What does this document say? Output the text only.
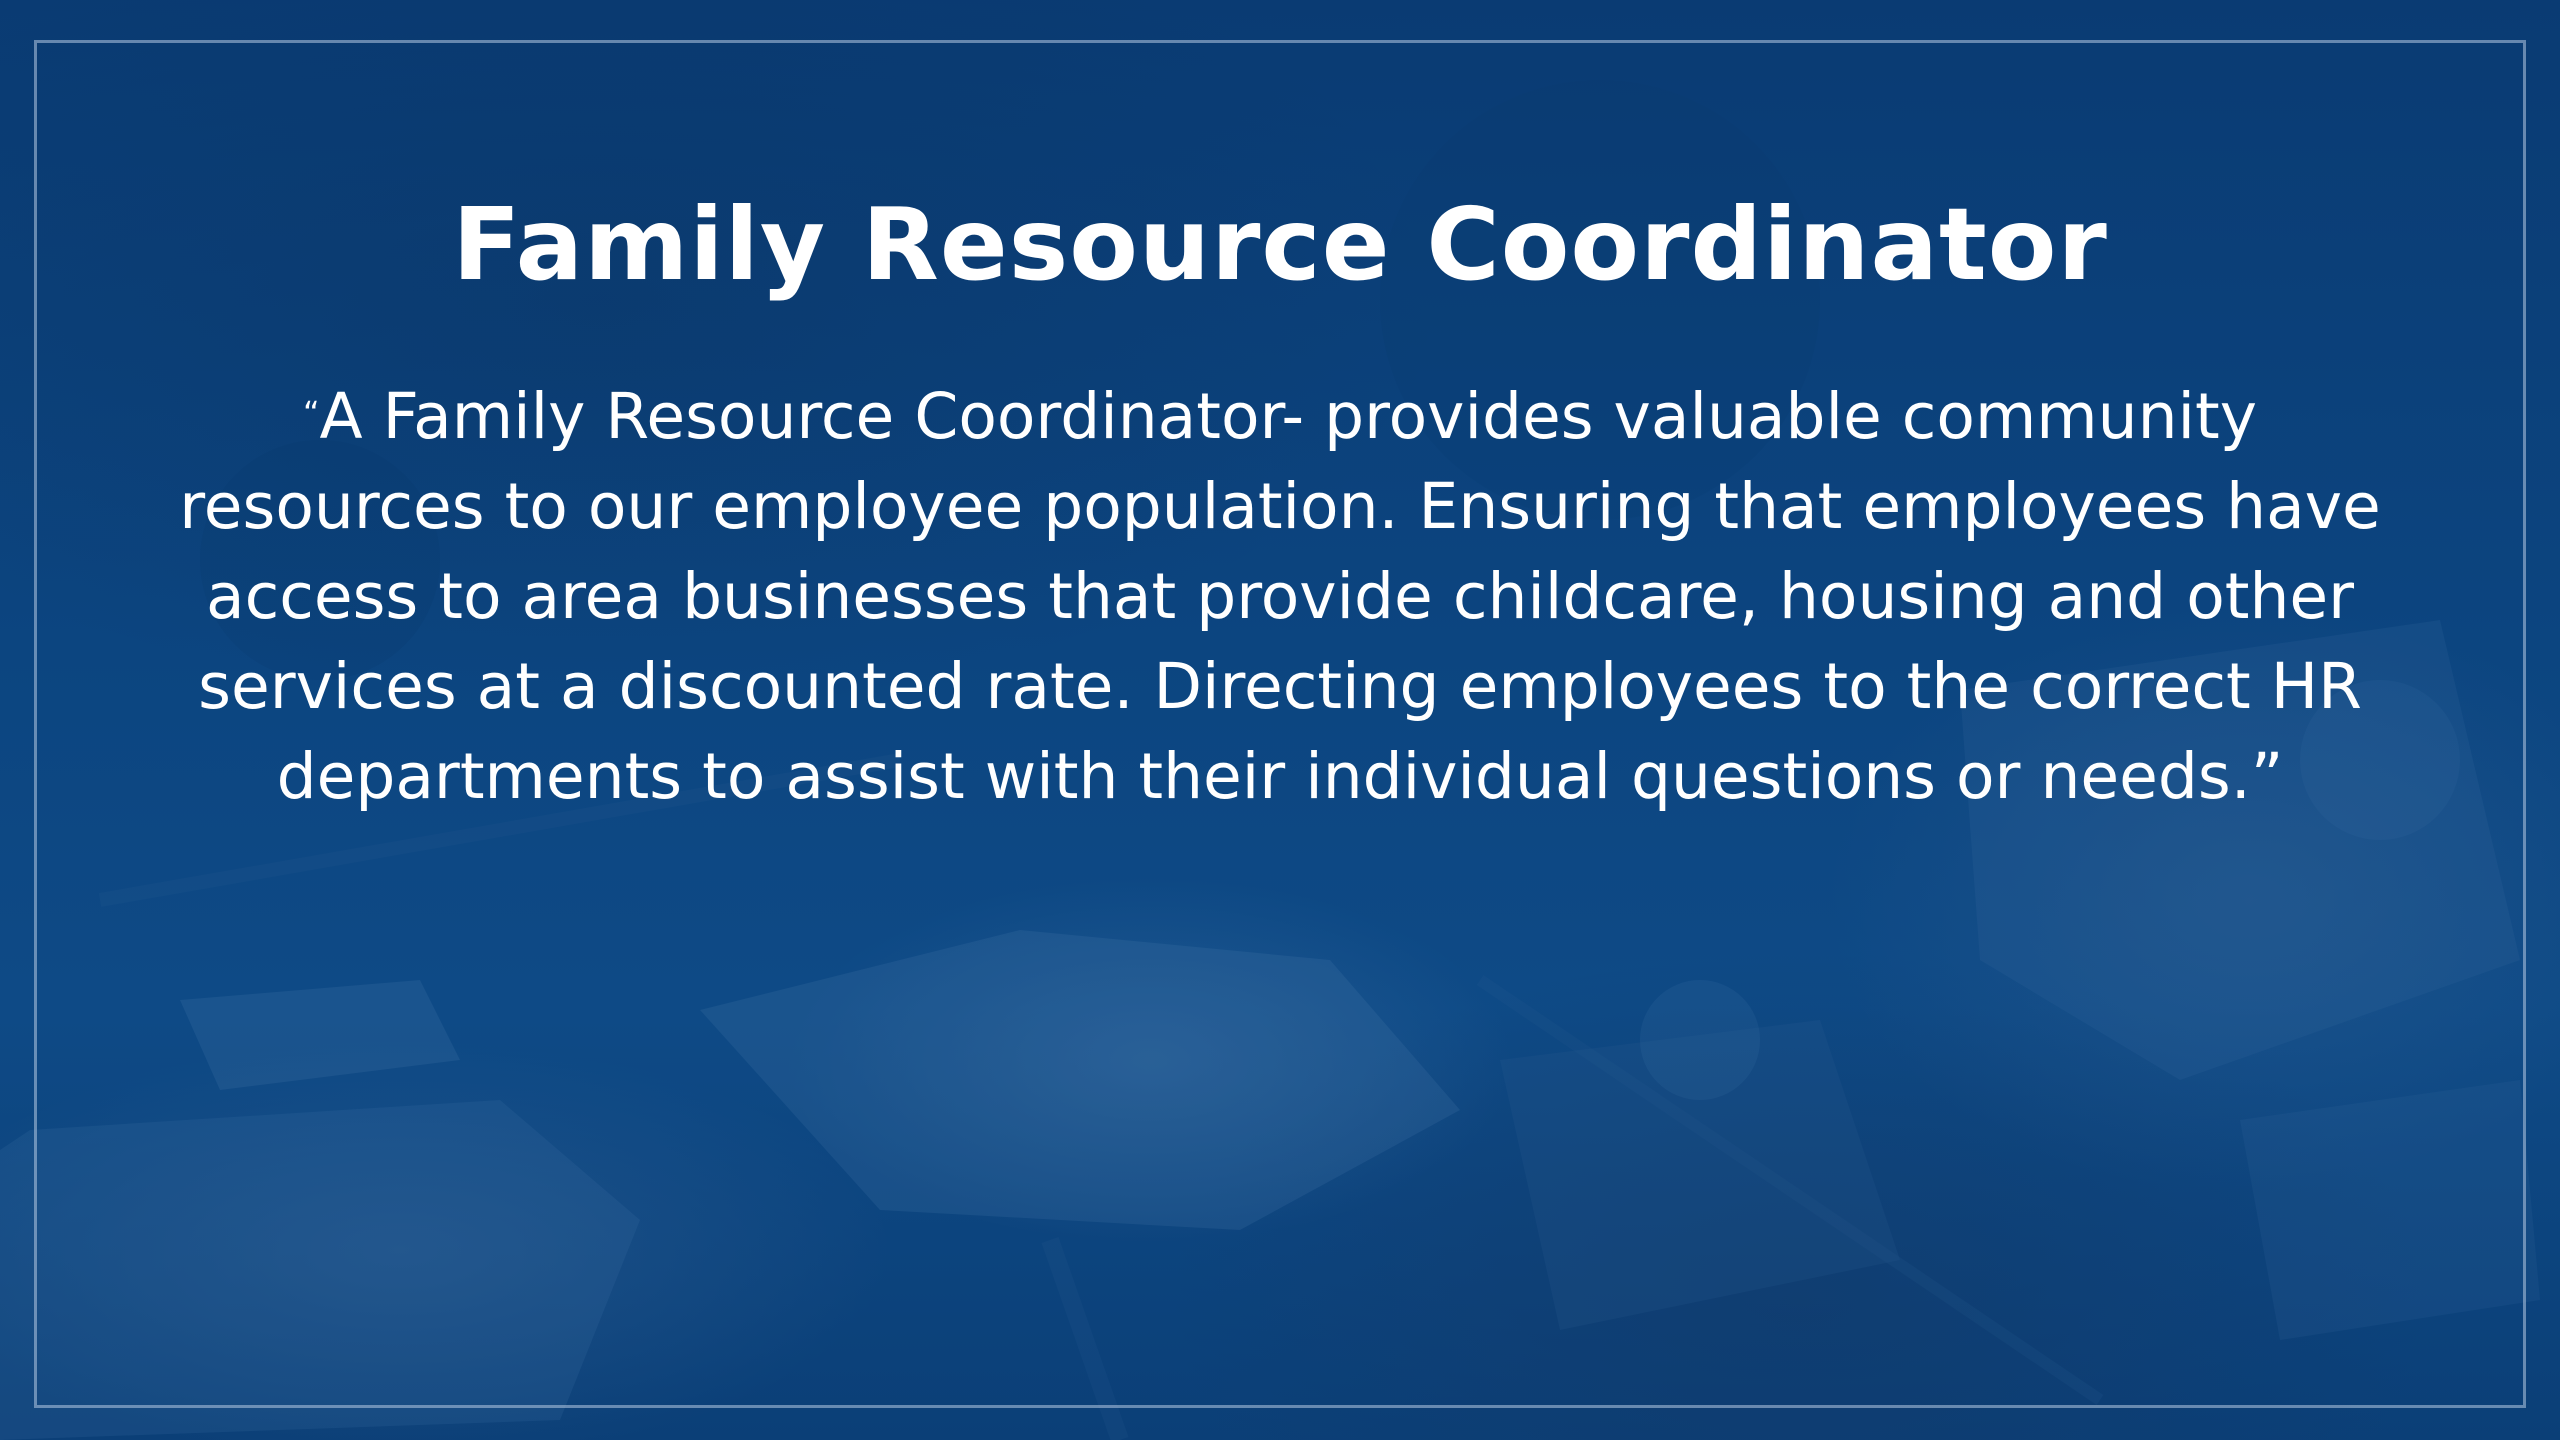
Family Resource Coordinator

“A Family Resource Coordinator- provides valuable community resources to our employee population. Ensuring that employees have access to area businesses that provide childcare, housing and other services at a discounted rate. Directing employees to the correct HR departments to assist with their individual questions or needs.”
